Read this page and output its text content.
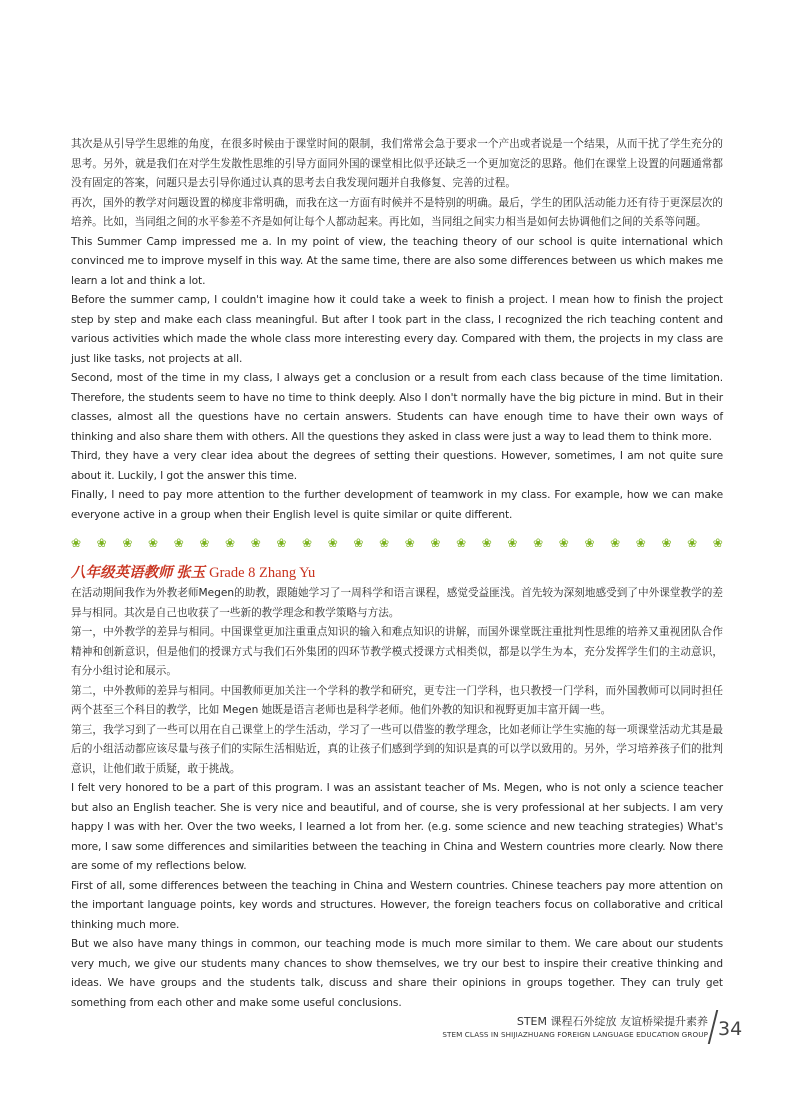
其次是从引导学生思维的角度，在很多时候由于课堂时间的限制，我们常常会急于要求一个产出或者说是一个结果，从而干扰了学生充分的思考。另外，就是我们在对学生发散性思维的引导方面同外国的课堂相比似乎还缺乏一个更加宽泛的思路。他们在课堂上设置的问题通常都没有固定的答案，问题只是去引导你通过认真的思考去自我发现问题并自我修复、完善的过程。

再次，国外的教学对问题设置的梯度非常明确，而我在这一方面有时候并不是特别的明确。最后，学生的团队活动能力还有待于更深层次的培养。比如，当同组之间的水平参差不齐是如何让每个人都动起来。再比如，当同组之间实力相当是如何去协调他们之间的关系等问题。

This Summer Camp impressed me a. In my point of view, the teaching theory of our school is quite international which convinced me to improve myself in this way. At the same time, there are also some differences between us which makes me learn a lot and think a lot.

Before the summer camp, I couldn't imagine how it could take a week to finish a project. I mean how to finish the project step by step and make each class meaningful. But after I took part in the class, I recognized the rich teaching content and various activities which made the whole class more interesting every day. Compared with them, the projects in my class are just like tasks, not projects at all.

Second, most of the time in my class, I always get a conclusion or a result from each class because of the time limitation. Therefore, the students seem to have no time to think deeply. Also I don't normally have the big picture in mind. But in their classes, almost all the questions have no certain answers. Students can have enough time to have their own ways of thinking and also share them with others. All the questions they asked in class were just a way to lead them to think more.

Third, they have a very clear idea about the degrees of setting their questions. However, sometimes, I am not quite sure about it. Luckily, I got the answer this time.

Finally, I need to pay more attention to the further development of teamwork in my class. For example, how we can make everyone active in a group when their English level is quite similar or quite different.

❀ ❀ ❀ ❀ ❀ ❀ ❀ ❀ ❀ ❀ ❀ ❀ ❀ ❀ ❀ ❀ ❀ ❀ ❀ ❀ ❀ ❀ ❀ ❀ ❀ ❀
八年级英语教师 张玉 Grade 8 Zhang Yu

在活动期间我作为外教老师Megen的助教，跟随她学习了一周科学和语言课程，感觉受益匪浅。首先较为深刻地感受到了中外课堂教学的差异与相同。其次是自己也收获了一些新的教学理念和教学策略与方法。

第一，中外教学的差异与相同。中国课堂更加注重重点知识的输入和难点知识的讲解，而国外课堂既注重批判性思维的培养又重视团队合作精神和创新意识，但是他们的授课方式与我们石外集团的四环节教学模式授课方式相类似，都是以学生为本，充分发挥学生们的主动意识，有分小组讨论和展示。

第二，中外教师的差异与相同。中国教师更加关注一个学科的教学和研究，更专注一门学科，也只教授一门学科，而外国教师可以同时担任两个甚至三个科目的教学，比如 Megen 她既是语言老师也是科学老师。他们外教的知识和视野更加丰富开阔一些。

第三，我学习到了一些可以用在自己课堂上的学生活动，学习了一些可以借鉴的教学理念，比如老师让学生实施的每一项课堂活动尤其是最后的小组活动都应该尽量与孩子们的实际生活相贴近，真的让孩子们感到学到的知识是真的可以学以致用的。另外，学习培养孩子们的批判意识，让他们敢于质疑，敢于挑战。

I felt very honored to be a part of this program. I was an assistant teacher of Ms. Megen, who is not only a science teacher but also an English teacher. She is very nice and beautiful, and of course, she is very professional at her subjects. I am very happy I was with her. Over the two weeks, I learned a lot from her. (e.g. some science and new teaching strategies) What's more, I saw some differences and similarities between the teaching in China and Western countries more clearly. Now there are some of my reflections below.

First of all, some differences between the teaching in China and Western countries. Chinese teachers pay more attention on the important language points, key words and structures. However, the foreign teachers focus on collaborative and critical thinking much more.

But we also have many things in common, our teaching mode is much more similar to them. We care about our students very much, we give our students many chances to show themselves, we try our best to inspire their creative thinking and ideas. We have groups and the students talk, discuss and share their opinions in groups together. They can truly get something from each other and make some useful conclusions.

STEM 课程石外绽放 友谊桥梁提升素养
STEM CLASS IN SHIJIAZHUANG FOREIGN LANGUAGE EDUCATION GROUP 34
